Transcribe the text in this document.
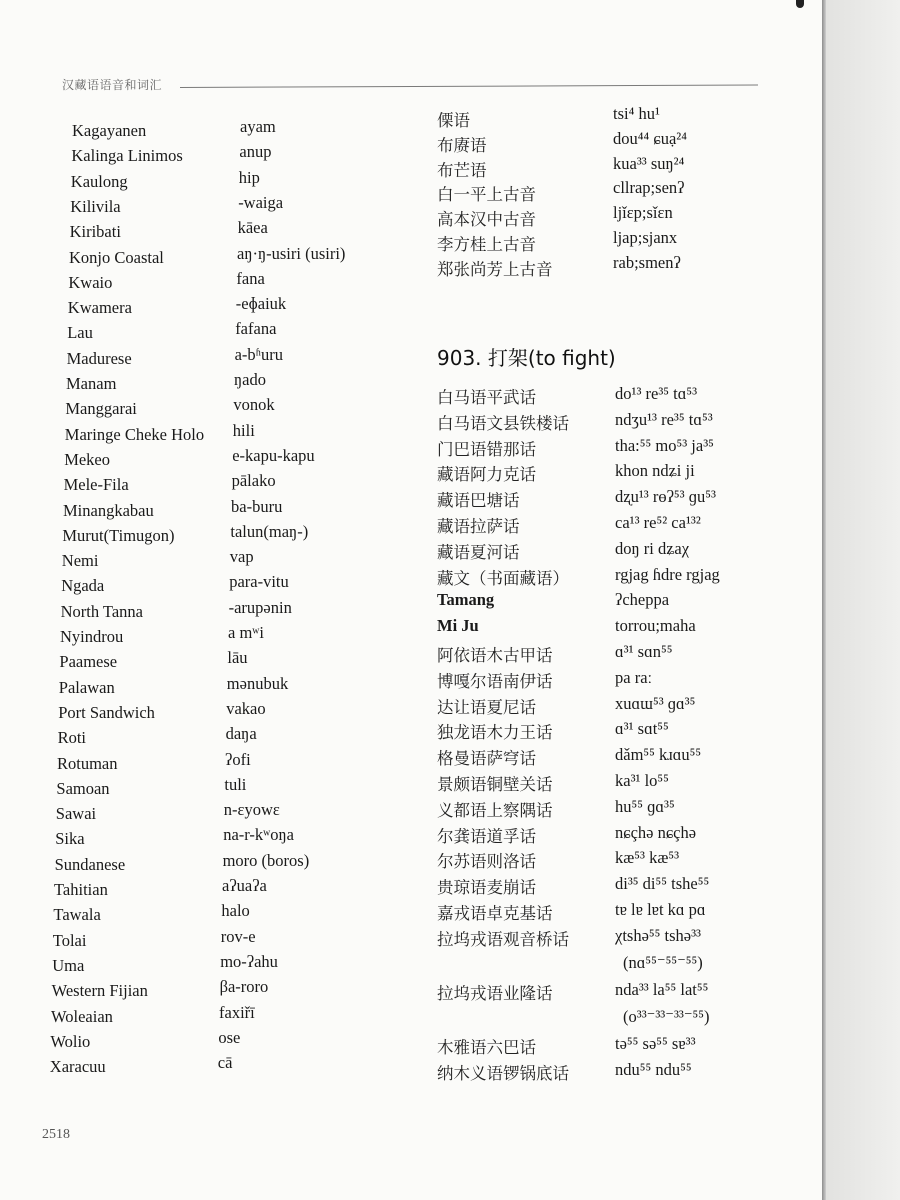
汉藏语语音和词汇
903. 打架(to fight)
2518
Kagayanen	ayam
Kalinga Linimos	anup
Kaulong	hip
Kilivila	-waiga
Kiribati	kāea
Konjo Coastal	aŋ·ŋ-usiri (usiri)
Kwaio	fana
Kwamera	-eɸaiuk
Lau	fafana
Madurese	a-bʱuru
Manam	ŋado
Manggarai	vonok
Maringe Cheke Holo hili
Mekeo	e-kapu-kapu
Mele-Fila	pālako
Minangkabau	ba-buru
Murut(Timugon)	talun(maŋ-)
Nemi	vap
Ngada	para-vitu
North Tanna	-arupənin
Nyindrou	a mʷi
Paamese	lāu
Palawan	mənubuk
Port Sandwich	vakao
Roti	daŋa
Rotuman	ʔofi
Samoan	tuli
Sawai	n-ɛyowɛ
Sika	na-r-kʷoŋa
Sundanese	moro (boros)
Tahitian	aʔuaʔa
Tawala	halo
Tolai	rov-e
Uma	mo-ʔahu
Western Fijian	βa-roro
Woleaian	faxiřī
Wolio	ose
Xaracuu	cā
傈语	tsi⁴ hu¹
布赓语	dou⁴⁴ ɕuạ²⁴
布芒语	kua³³ suŋ²⁴
白一平上古音	cllrap;senʔ
高本汉中古音	ljǐɛp;sǐɛn
李方桂上古音	ljap;sjanx
郑张尚芳上古音	rab;smenʔ
白马语平武话	do¹³ re³⁵ tɑ⁵³
白马语文县铁楼话	ndʒu¹³ re³⁵ tɑ⁵³
门巴语错那话	tha:⁵⁵ mo⁵³ ja³⁵
藏语阿力克话	khon ndʑi ji
藏语巴塘话	dʐu¹³ rɵʔ⁵³ ɡu⁵³
藏语拉萨话	ca¹³ re⁵² ca¹³²
藏语夏河话	doŋ ri dʑaχ
藏文（书面藏语）	rgjag ɦdre rgjag
Tamang	ʔcheppa
Mi Ju	torrou;maha
阿依语木古甲话	ɑ³¹ sɑn⁵⁵
博嘎尔语南伊话	pa raː
达让语夏尼话	xuɑɯ⁵³ ɡɑ³⁵
独龙语木力王话	ɑ³¹ sɑt⁵⁵
格曼语萨穹话	dǎm⁵⁵ kɹɑu⁵⁵
景颇语铜壁关话	ka³¹ lo⁵⁵
义都语上察隅话	hu⁵⁵ ɡɑ³⁵
尔龚语道孚话	nɕçhə nɕçhə
尔苏语则洛话	kæ⁵³ kæ⁵³
贵琼语麦崩话	di³⁵ di⁵⁵ tshe⁵⁵
嘉戎语卓克基话	tɐ lɐ lɐt kɑ pɑ
拉坞戎语观音桥话	χtshə⁵⁵ tshə³³
(nɑ⁵⁵⁻⁵⁵⁻⁵⁵)
拉坞戎语业隆话	nda³³ la⁵⁵ lat⁵⁵
(o³³⁻³³⁻³³⁻⁵⁵)
木雅语六巴话	tə⁵⁵ sə⁵⁵ sɐ³³
纳木义语锣锅底话	ndu⁵⁵ ndu⁵⁵
